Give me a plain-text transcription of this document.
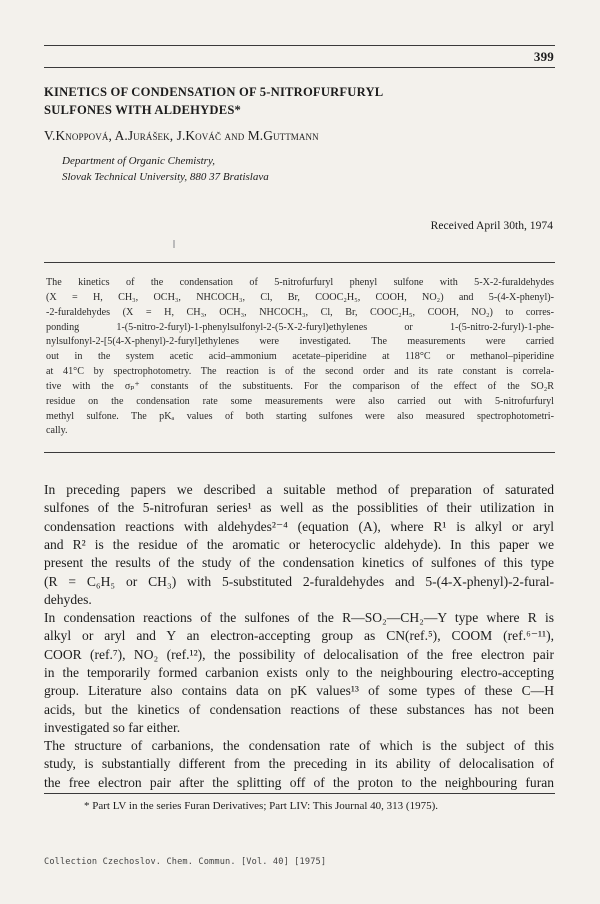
399
KINETICS OF CONDENSATION OF 5-NITROFURFURYL
SULFONES WITH ALDEHYDES*
V.Knoppová, A.Jurášek, J.Kováč and M.Guttmann
Department of Organic Chemistry,
Slovak Technical University, 880 37 Bratislava
Received April 30th, 1974
The kinetics of the condensation of 5-nitrofurfuryl phenyl sulfone with 5-X-2-furaldehydes
(X = H, CH₃, OCH₃, NHCOCH₃, Cl, Br, COOC₂H₅, COOH, NO₂) and 5-(4-X-phenyl)-
-2-furaldehydes (X = H, CH₃, OCH₃, NHCOCH₃, Cl, Br, COOC₂H₅, COOH, NO₂) to corres-
ponding 1-(5-nitro-2-furyl)-1-phenylsulfonyl-2-(5-X-2-furyl)ethylenes or 1-(5-nitro-2-furyl)-1-phe-
nylsulfonyl-2-[5(4-X-phenyl)-2-furyl]ethylenes were investigated. The measurements were carried
out in the system acetic acid–ammonium acetate–piperidine at 118°C or methanol–piperidine
at 41°C by spectrophotometry. The reaction is of the second order and its rate constant is correla-
tive with the σₚ⁺ constants of the substituents. For the comparison of the effect of the SO₂R
residue on the condensation rate some measurements were also carried out with 5-nitrofurfuryl
methyl sulfone. The pKₐ values of both starting sulfones were also measured spectrophotometri-
cally.
In preceding papers we described a suitable method of preparation of saturated
sulfones of the 5-nitrofuran series¹ as well as the possiblities of their utilization in
condensation reactions with aldehydes²⁻⁴ (equation (A), where R¹ is alkyl or aryl
and R² is the residue of the aromatic or heterocyclic aldehyde). In this paper we
present the results of the study of the condensation kinetics of sulfones of this type
(R = C₆H₅ or CH₃) with 5-substituted 2-furaldehydes and 5-(4-X-phenyl)-2-fural-
dehydes.
In condensation reactions of the sulfones of the R—SO₂—CH₂—Y type where R is
alkyl or aryl and Y an electron-accepting group as CN(ref.⁵), COOM (ref.⁶⁻¹¹),
COOR (ref.⁷), NO₂ (ref.¹²), the possibility of delocalisation of the free electron pair
in the temporarily formed carbanion exists only to the neighbouring electro-accepting
group. Literature also contains data on pK values¹³ of some types of these C—H
acids, but the kinetics of condensation reactions of these substances has not been
investigated so far either.
The structure of carbanions, the condensation rate of which is the subject of this
study, is substantially different from the preceding in its ability of delocalisation of
the free electron pair after the splitting off of the proton to the neighbouring furan
* Part LV in the series Furan Derivatives; Part LIV: This Journal 40, 313 (1975).
Collection Czechoslov. Chem. Commun. [Vol. 40] [1975]
